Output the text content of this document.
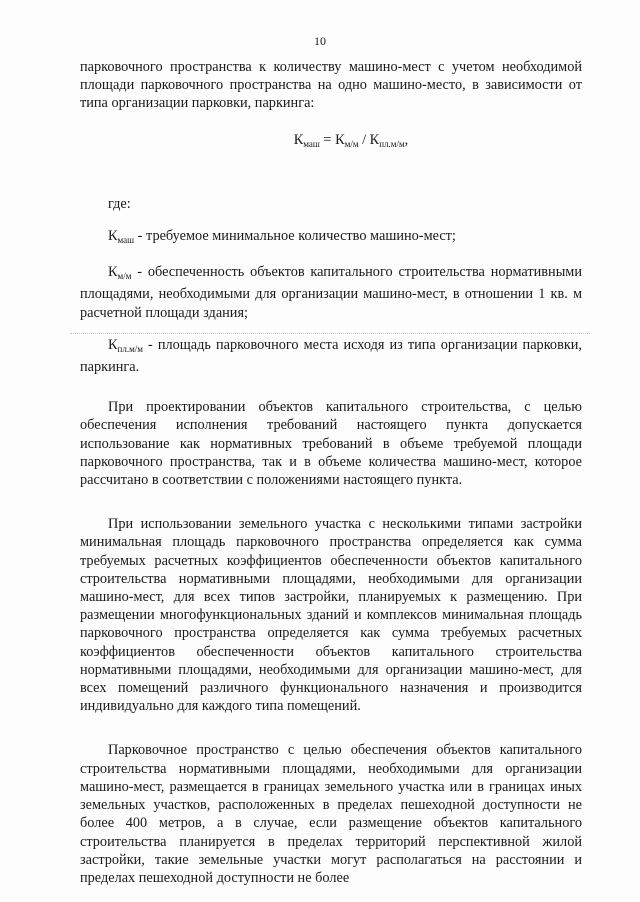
10

парковочного пространства к количеству машино-мест с учетом необходимой площади парковочного пространства на одно машино-место, в зависимости от типа организации парковки, паркинга:

$К_{маш} = К_{м/м} / К_{пл.м/м}$,

где:

$К_{маш}$ - требуемое минимальное количество машино-мест;

$К_{м/м}$ - обеспеченность объектов капитального строительства нормативными площадями, необходимыми для организации машино-мест, в отношении 1 кв. м расчетной площади здания;

$К_{пл.м/м}$ - площадь парковочного места исходя из типа организации парковки, паркинга.

При проектировании объектов капитального строительства, с целью обеспечения исполнения требований настоящего пункта допускается использование как нормативных требований в объеме требуемой площади парковочного пространства, так и в объеме количества машино-мест, которое рассчитано в соответствии с положениями настоящего пункта.

При использовании земельного участка с несколькими типами застройки минимальная площадь парковочного пространства определяется как сумма требуемых расчетных коэффициентов обеспеченности объектов капитального строительства нормативными площадями, необходимыми для организации машино-мест, для всех типов застройки, планируемых к размещению. При размещении многофункциональных зданий и комплексов минимальная площадь парковочного пространства определяется как сумма требуемых расчетных коэффициентов обеспеченности объектов капитального строительства нормативными площадями, необходимыми для организации машино-мест, для всех помещений различного функционального назначения и производится индивидуально для каждого типа помещений.

Парковочное пространство с целью обеспечения объектов капитального строительства нормативными площадями, необходимыми для организации машино-мест, размещается в границах земельного участка или в границах иных земельных участков, расположенных в пределах пешеходной доступности не более 400 метров, а в случае, если размещение объектов капитального строительства планируется в пределах территорий перспективной жилой застройки, такие земельные участки могут располагаться на расстоянии и пределах пешеходной доступности не более
